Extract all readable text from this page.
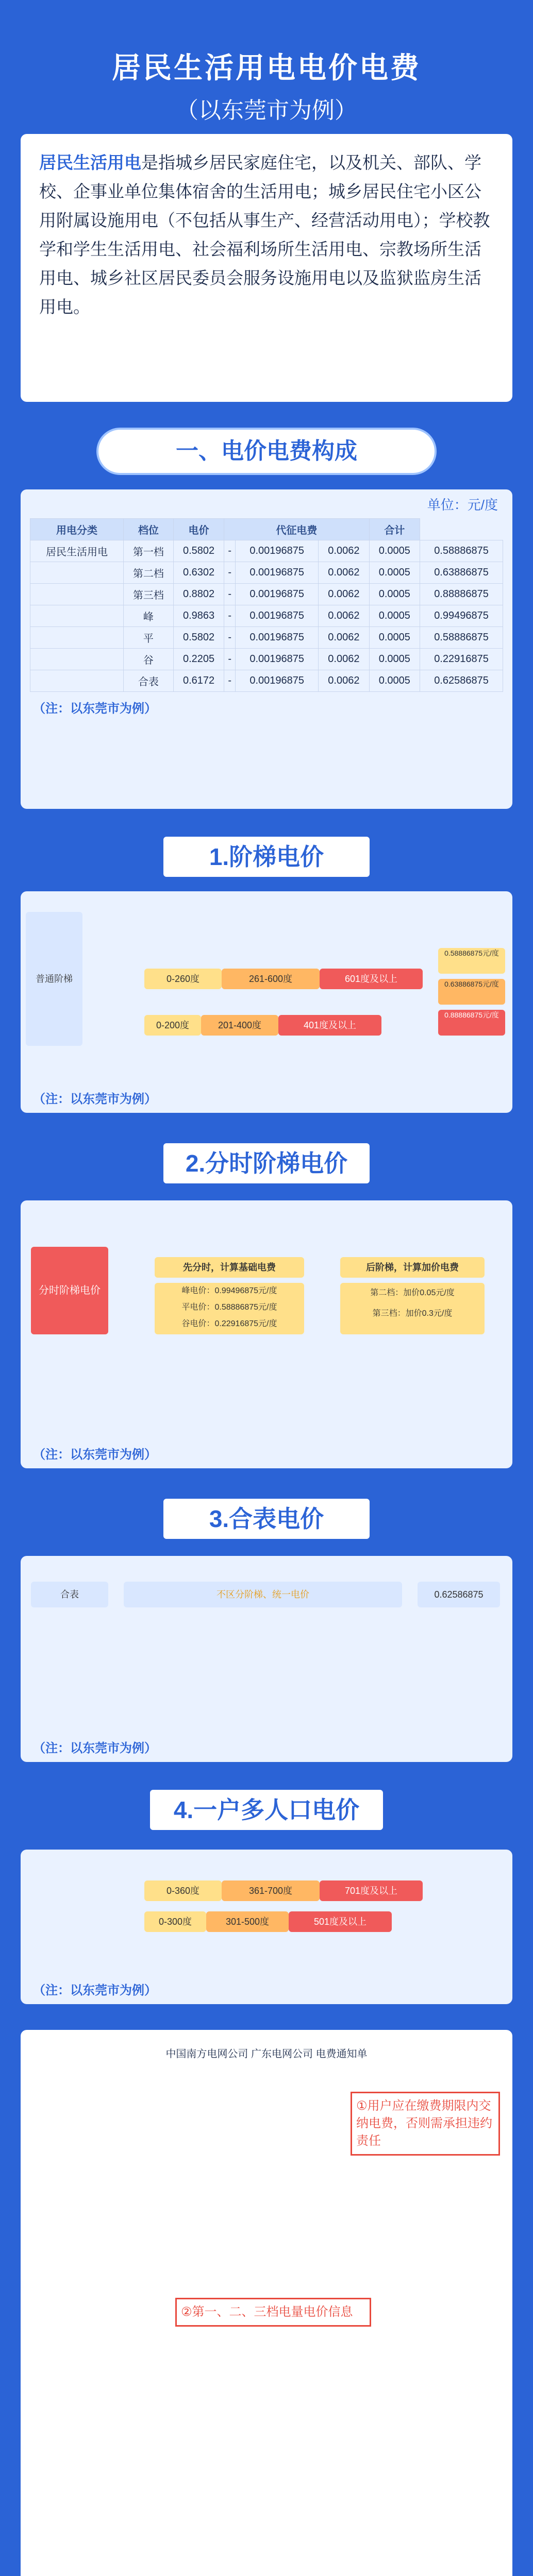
居民生活用电电价电费
（以东莞市为例）
居民生活用电是指城乡居民家庭住宅，以及机关、部队、学校、企事业单位集体宿舍的生活用电；城乡居民住宅小区公用附属设施用电（不包括从事生产、经营活动用电）；学校教学和学生生活用电、社会福利场所生活用电、宗教场所生活用电、城乡社区居民委员会服务设施用电以及监狱监房生活用电。
一、电价电费构成
单位：元/度
用电分类	档位	电价	代征电费			合计	
居民生活用电	第一档	0.5802	-	0.00196875	0.0062	0.0005	0.58886875
	第二档	0.6302	-	0.00196875	0.0062	0.0005	0.63886875
	第三档	0.8802	-	0.00196875	0.0062	0.0005	0.88886875
	峰	0.9863	-	0.00196875	0.0062	0.0005	0.99496875
	平	0.5802	-	0.00196875	0.0062	0.0005	0.58886875
	谷	0.2205	-	0.00196875	0.0062	0.0005	0.22916875
	合表	0.6172	-	0.00196875	0.0062	0.0005	0.62586875
（注：以东莞市为例）
1.阶梯电价
普通阶梯	0-260度	261-600度	601度及以上
0-200度	201-400度	401度及以上
0.58886875元/度
0.63886875元/度
0.88886875元/度
（注：以东莞市为例）
2.分时阶梯电价
分时阶梯电价
先分时，计算基础电费	后阶梯，计算加价电费
峰电价：0.99496875元/度
平电价：0.58886875元/度
谷电价：0.22916875元/度
第二档：加价0.05元/度
第三档：加价0.3元/度
（注：以东莞市为例）
3.合表电价
合表	不区分阶梯、统一电价	0.62586875
（注：以东莞市为例）
4.一户多人口电价
0-360度	361-700度	701度及以上
0-300度	301-500度	501度及以上
（注：以东莞市为例）
中国南方电网公司 广东电网公司 电费通知单
①用户应在缴费期限内交纳电费，否则需承担违约责任
②第一、二、三档电量电价信息
